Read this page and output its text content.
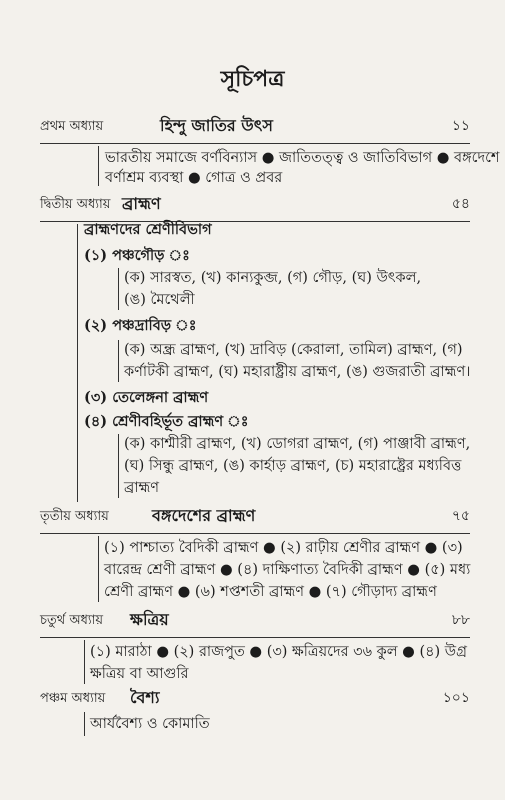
সূচিপত্র
প্রথম অধ্যায়	হিন্দু জাতির উৎস	১১
ভারতীয় সমাজে বর্ণবিন্যাস ● জাতিতত্ত্ব ও জাতিবিভাগ ● বঙ্গদেশে
বর্ণাশ্রম ব্যবস্থা ● গোত্র ও প্রবর
দ্বিতীয় অধ্যায় ব্রাহ্মণ	৫৪
ব্রাহ্মণদের শ্রেণীবিভাগ
(১) পঞ্চগৌড় ঃ
(ক) সারস্বত, (খ) কান্যকুব্জ, (গ) গৌড়, (ঘ) উৎকল,
(ঙ) মৈথেলী
(২) পঞ্চদ্রাবিড় ঃ
(ক) অন্ধ্র ব্রাহ্মণ, (খ) দ্রাবিড় (কেরালা, তামিল) ব্রাহ্মণ, (গ)
কর্ণাটকী ব্রাহ্মণ, (ঘ) মহারাষ্ট্রীয় ব্রাহ্মণ, (ঙ) গুজরাতী ব্রাহ্মণ।
(৩) তেলেঙ্গনা ব্রাহ্মণ
(৪) শ্রেণীবহির্ভূত ব্রাহ্মণ ঃ
(ক) কাশ্মীরী ব্রাহ্মণ, (খ) ডোগরা ব্রাহ্মণ, (গ) পাঞ্জাবী ব্রাহ্মণ,
(ঘ) সিন্ধু ব্রাহ্মণ, (ঙ) কার্হাড় ব্রাহ্মণ, (চ) মহারাষ্ট্রের মধ্যবিত্ত
ব্রাহ্মণ
তৃতীয় অধ্যায়	বঙ্গদেশের ব্রাহ্মণ	৭৫
(১) পাশ্চাত্য বৈদিকী ব্রাহ্মণ ● (২) রাঢ়ীয় শ্রেণীর ব্রাহ্মণ ● (৩)
বারেন্দ্র শ্রেণী ব্রাহ্মণ ● (৪) দাক্ষিণাত্য বৈদিকী ব্রাহ্মণ ● (৫) মধ্য
শ্রেণী ব্রাহ্মণ ● (৬) শপ্তশতী ব্রাহ্মণ ● (৭) গৌড়াদ্য ব্রাহ্মণ
চতুর্থ অধ্যায় ক্ষত্রিয়	৮৮
(১) মারাঠা ● (২) রাজপুত ● (৩) ক্ষত্রিয়দের ৩৬ কুল ● (৪) উগ্র
ক্ষত্রিয় বা আগুরি
পঞ্চম অধ্যায় বৈশ্য	১০১
আর্যবৈশ্য ও কোমাতি
